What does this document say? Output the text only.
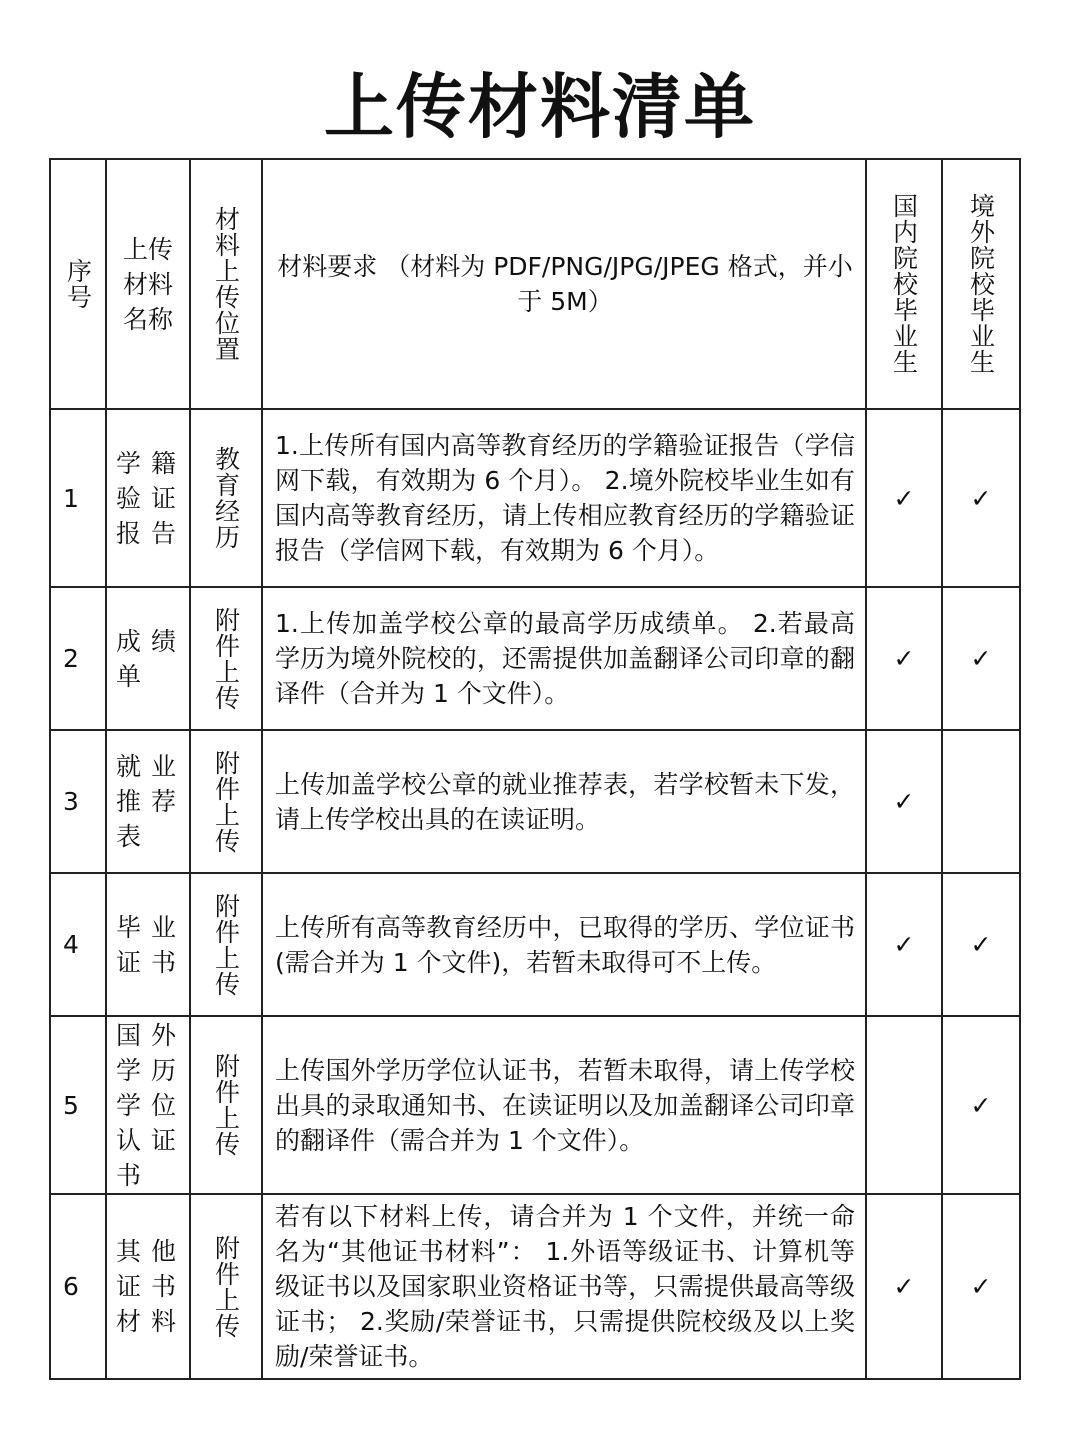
上传材料清单
序号	上传材料名称	材料上传位置	材料要求 （材料为 PDF/PNG/JPG/JPEG 格式，并小于 5M）	国内院校毕业生	境外院校毕业生

1	学籍验证报告	教育经历	1.上传所有国内高等教育经历的学籍验证报告（学信网下载，有效期为 6 个月）。 2.境外院校毕业生如有国内高等教育经历，请上传相应教育经历的学籍验证报告（学信网下载，有效期为 6 个月）。	✓	✓
2	成绩单	附件上传	1.上传加盖学校公章的最高学历成绩单。 2.若最高学历为境外院校的，还需提供加盖翻译公司印章的翻译件（合并为 1 个文件）。	✓	✓
3	就业推荐表	附件上传	上传加盖学校公章的就业推荐表，若学校暂未下发，请上传学校出具的在读证明。	✓	
4	毕业证书	附件上传	上传所有高等教育经历中，已取得的学历、学位证书(需合并为 1 个文件)，若暂未取得可不上传。	✓	✓
5	国外学历学位认证书	附件上传	上传国外学历学位认证书，若暂未取得，请上传学校出具的录取通知书、在读证明以及加盖翻译公司印章的翻译件（需合并为 1 个文件）。		✓
6	其他证书材料	附件上传	若有以下材料上传，请合并为 1 个文件，并统一命名为“其他证书材料”： 1.外语等级证书、计算机等级证书以及国家职业资格证书等，只需提供最高等级证书； 2.奖励/荣誉证书，只需提供院校级及以上奖励/荣誉证书。	✓	✓
